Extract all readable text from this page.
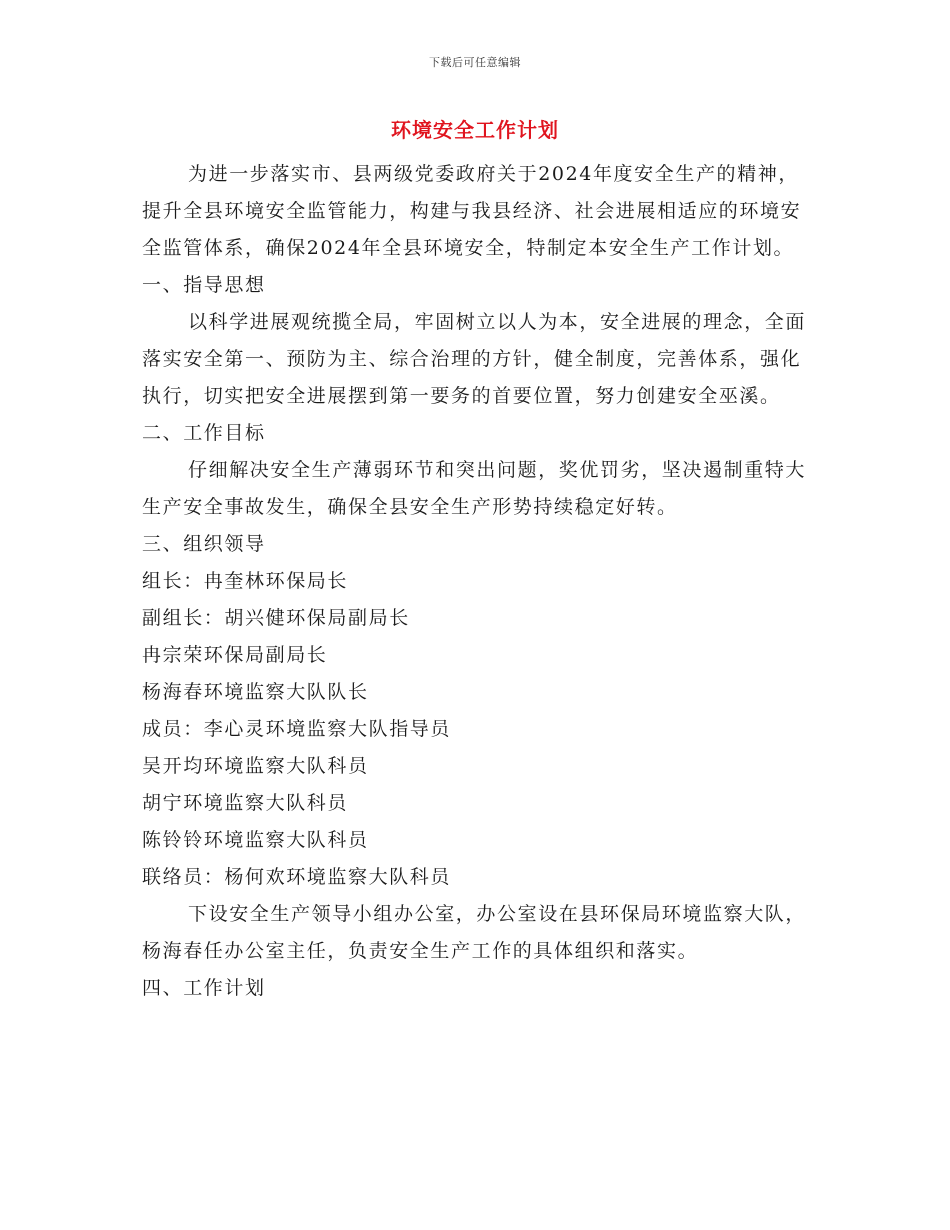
下载后可任意编辑
环境安全工作计划

为进一步落实市、县两级党委政府关于2024年度安全生产的精神，提升全县环境安全监管能力，构建与我县经济、社会进展相适应的环境安全监管体系，确保2024年全县环境安全，特制定本安全生产工作计划。

一、指导思想

以科学进展观统揽全局，牢固树立以人为本，安全进展的理念，全面落实安全第一、预防为主、综合治理的方针，健全制度，完善体系，强化执行，切实把安全进展摆到第一要务的首要位置，努力创建安全巫溪。

二、工作目标

仔细解决安全生产薄弱环节和突出问题，奖优罚劣，坚决遏制重特大生产安全事故发生，确保全县安全生产形势持续稳定好转。

三、组织领导

组长：冉奎林环保局长

副组长：胡兴健环保局副局长

冉宗荣环保局副局长

杨海春环境监察大队队长

成员：李心灵环境监察大队指导员

吴开均环境监察大队科员

胡宁环境监察大队科员

陈铃铃环境监察大队科员

联络员：杨何欢环境监察大队科员

下设安全生产领导小组办公室，办公室设在县环保局环境监察大队，杨海春任办公室主任，负责安全生产工作的具体组织和落实。

四、工作计划
